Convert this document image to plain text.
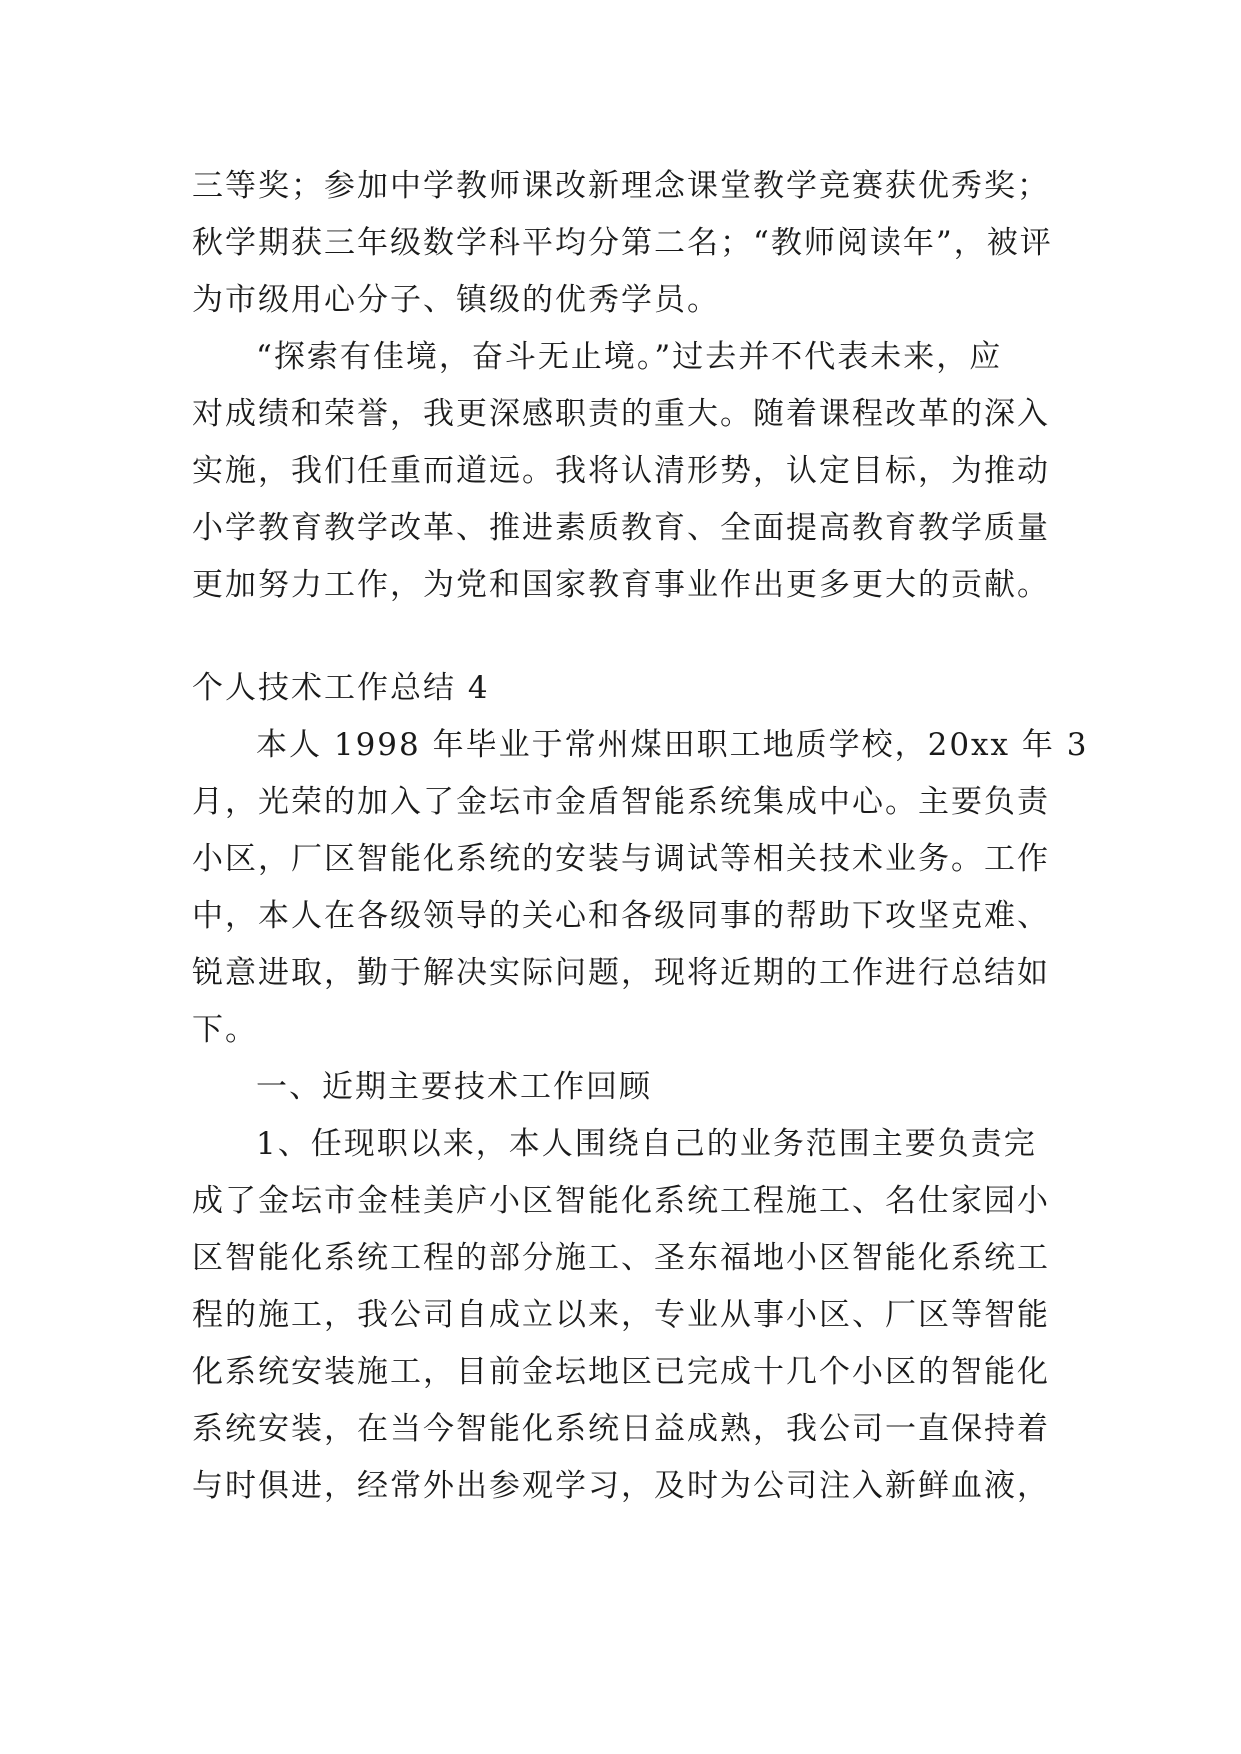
三等奖；参加中学教师课改新理念课堂教学竞赛获优秀奖；
秋学期获三年级数学科平均分第二名；“教师阅读年”，被评
为市级用心分子、镇级的优秀学员。
“探索有佳境，奋斗无止境。”过去并不代表未来，应
对成绩和荣誉，我更深感职责的重大。随着课程改革的深入
实施，我们任重而道远。我将认清形势，认定目标，为推动
小学教育教学改革、推进素质教育、全面提高教育教学质量
更加努力工作，为党和国家教育事业作出更多更大的贡献。
个人技术工作总结 4
本人 1998 年毕业于常州煤田职工地质学校，20xx 年 3
月，光荣的加入了金坛市金盾智能系统集成中心。主要负责
小区，厂区智能化系统的安装与调试等相关技术业务。工作
中，本人在各级领导的关心和各级同事的帮助下攻坚克难、
锐意进取，勤于解决实际问题，现将近期的工作进行总结如
下。
一、近期主要技术工作回顾
1、任现职以来，本人围绕自己的业务范围主要负责完
成了金坛市金桂美庐小区智能化系统工程施工、名仕家园小
区智能化系统工程的部分施工、圣东福地小区智能化系统工
程的施工，我公司自成立以来，专业从事小区、厂区等智能
化系统安装施工，目前金坛地区已完成十几个小区的智能化
系统安装，在当今智能化系统日益成熟，我公司一直保持着
与时俱进，经常外出参观学习，及时为公司注入新鲜血液，
